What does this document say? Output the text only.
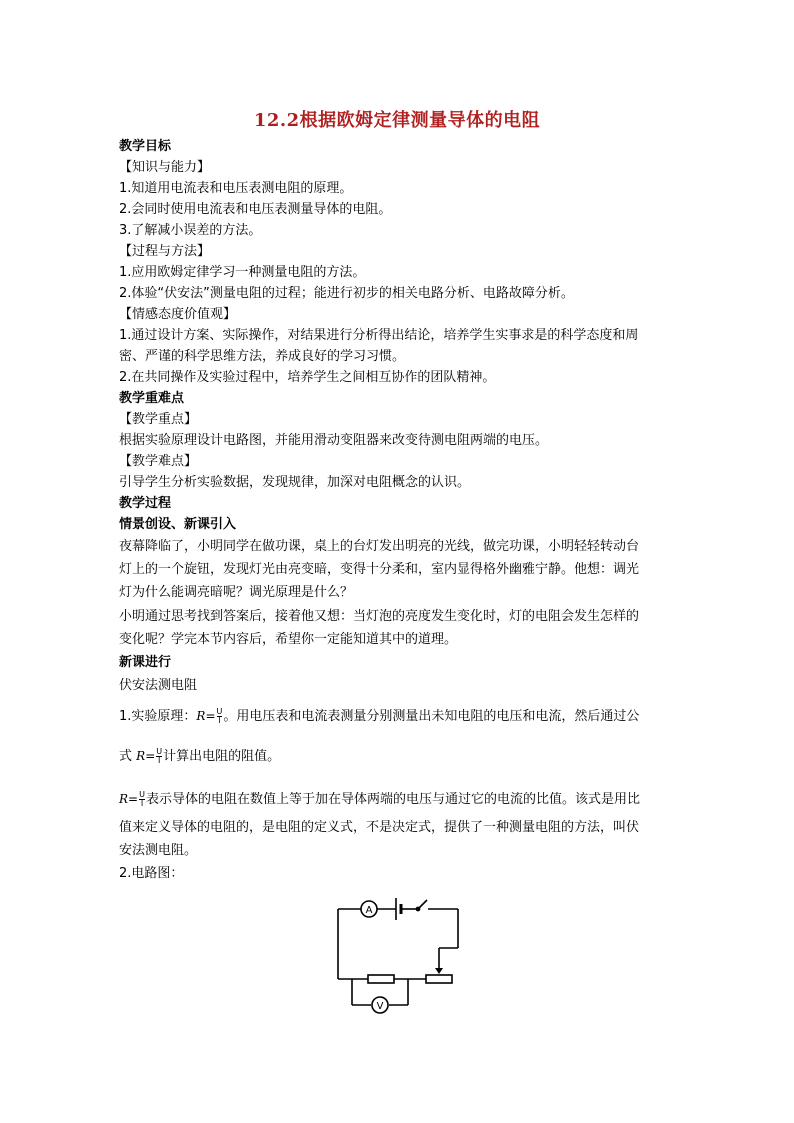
12.2根据欧姆定律测量导体的电阻
教学目标
【知识与能力】
1.知道用电流表和电压表测电阻的原理。
2.会同时使用电流表和电压表测量导体的电阻。
3.了解减小误差的方法。
【过程与方法】
1.应用欧姆定律学习一种测量电阻的方法。
2.体验“伏安法”测量电阻的过程；能进行初步的相关电路分析、电路故障分析。
【情感态度价值观】
1.通过设计方案、实际操作，对结果进行分析得出结论，培养学生实事求是的科学态度和周
密、严谨的科学思维方法，养成良好的学习习惯。
2.在共同操作及实验过程中，培养学生之间相互协作的团队精神。
教学重难点
【教学重点】
根据实验原理设计电路图，并能用滑动变阻器来改变待测电阻两端的电压。
【教学难点】
引导学生分析实验数据，发现规律，加深对电阻概念的认识。
教学过程
情景创设、新课引入
夜幕降临了，小明同学在做功课，桌上的台灯发出明亮的光线，做完功课，小明轻轻转动台
灯上的一个旋钮，发现灯光由亮变暗，变得十分柔和，室内显得格外幽雅宁静。他想：调光
灯为什么能调亮暗呢？调光原理是什么？
小明通过思考找到答案后，接着他又想：当灯泡的亮度发生变化时，灯的电阻会发生怎样的
变化呢？学完本节内容后，希望你一定能知道其中的道理。
新课进行
伏安法测电阻
1.实验原理：$R= \frac{U}{I}$ 。用电压表和电流表测量分别测量出未知电阻的电压和电流，然后通过公
式 $R= \frac{U}{I}$ 计算出电阻的阻值。
$R= \frac{U}{I}$ 表示导体的电阻在数值上等于加在导体两端的电压与通过它的电流的比值。该式是用比
值来定义导体的电阻的，是电阻的定义式，不是决定式，提供了一种测量电阻的方法，叫伏
安法测电阻。
2.电路图：
A
V
